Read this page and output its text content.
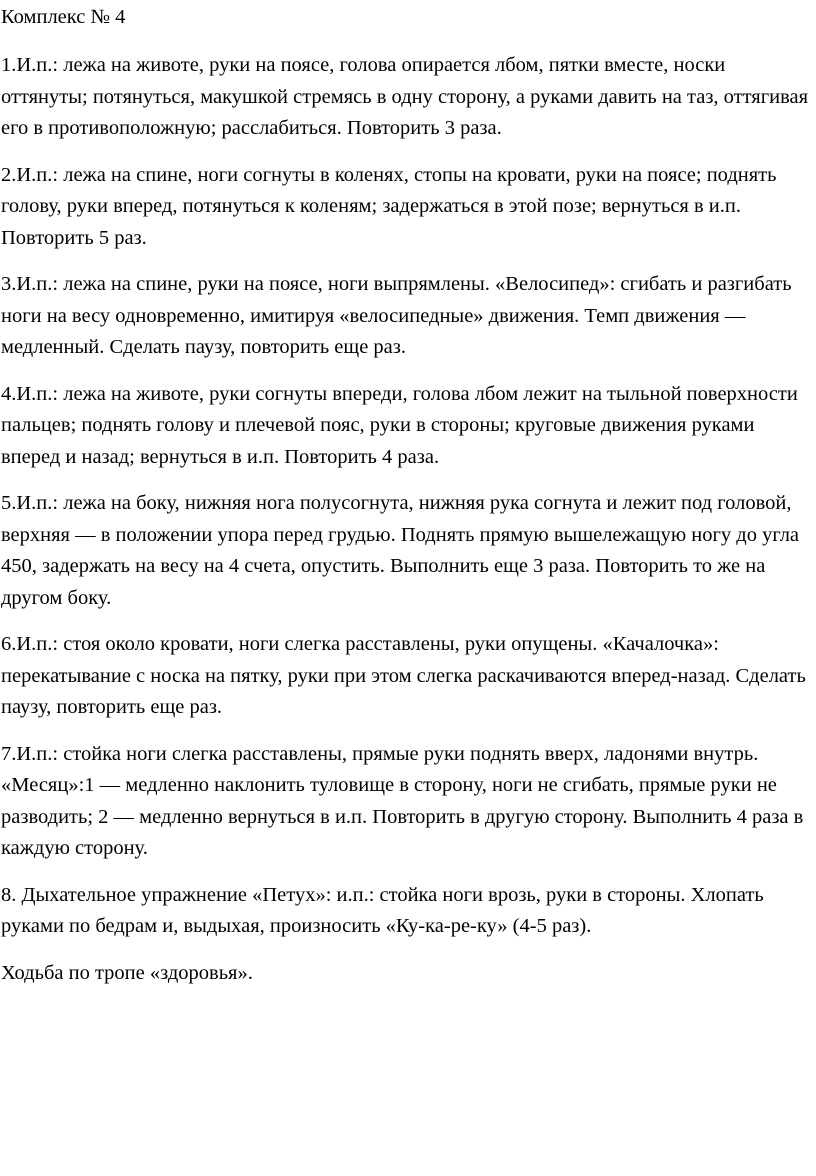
Комплекс № 4

1.И.п.: лежа на животе, руки на поясе, голова опирается лбом, пятки вместе, носки оттянуты; потянуться, макушкой стремясь в одну сторону, а руками давить на таз, оттягивая его в противоположную; расслабиться. Повторить 3 раза.

2.И.п.: лежа на спине, ноги согнуты в коленях, стопы на кровати, руки на поясе; поднять голову, руки вперед, потянуться к коленям; задержаться в этой позе; вернуться в и.п. Повторить 5 раз.

3.И.п.: лежа на спине, руки на поясе, ноги выпрямлены. «Велосипед»: сгибать и разгибать ноги на весу одновременно, имитируя «велосипедные» движения. Темп движения — медленный. Сделать паузу, повторить еще раз.

4.И.п.: лежа на животе, руки согнуты впереди, голова лбом лежит на тыльной поверхности пальцев; поднять голову и плечевой пояс, руки в стороны; круговые движения руками вперед и назад; вернуться в и.п. Повторить 4 раза.

5.И.п.: лежа на боку, нижняя нога полусогнута, нижняя рука согнута и лежит под головой, верхняя — в положении упора перед грудью. Поднять прямую вышележащую ногу до угла 450, задержать на весу на 4 счета, опустить. Выполнить еще 3 раза. Повторить то же на другом боку.

6.И.п.: стоя около кровати, ноги слегка расставлены, руки опущены. «Качалочка»: перекатывание с носка на пятку, руки при этом слегка раскачиваются вперед-назад. Сделать паузу, повторить еще раз.

7.И.п.: стойка ноги слегка расставлены, прямые руки поднять вверх, ладонями внутрь. «Месяц»:1 — медленно наклонить туловище в сторону, ноги не сгибать, прямые руки не разводить; 2 — медленно вернуться в и.п. Повторить в другую сторону. Выполнить 4 раза в каждую сторону.

8. Дыхательное упражнение «Петух»: и.п.: стойка ноги врозь, руки в стороны. Хлопать руками по бедрам и, выдыхая, произносить «Ку-ка-ре-ку» (4-5 раз).

Ходьба по тропе «здоровья».
